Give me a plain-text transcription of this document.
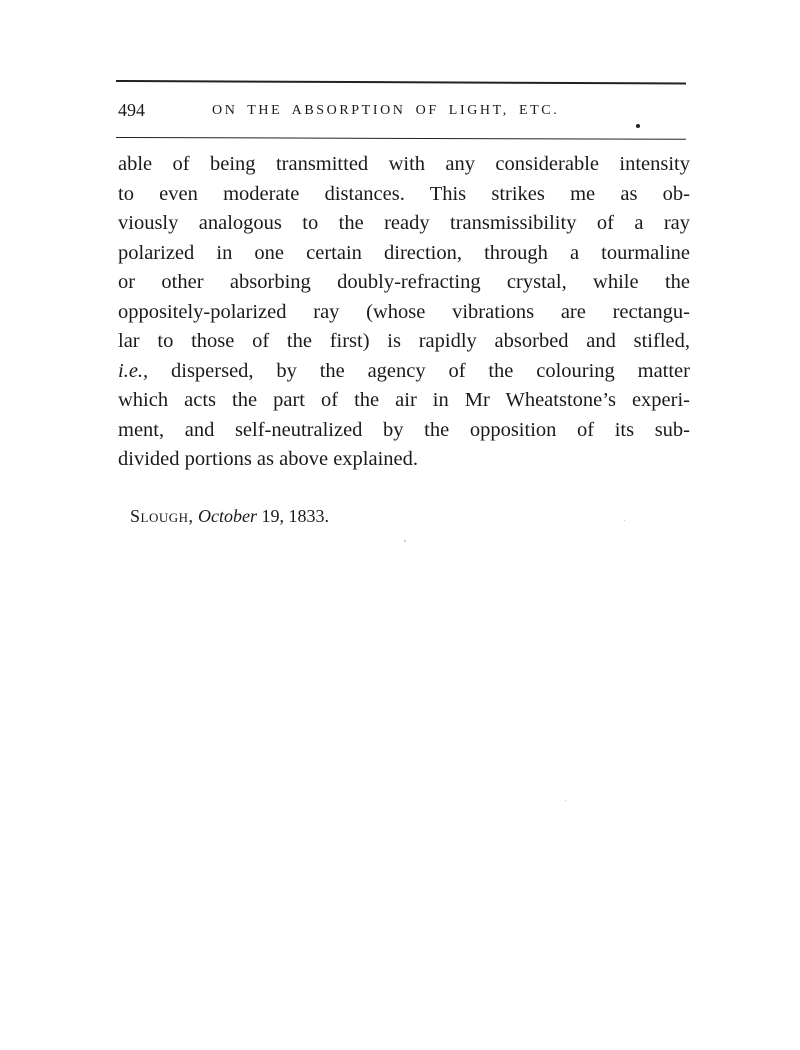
494	ON THE ABSORPTION OF LIGHT, ETC.
able of being transmitted with any considerable intensity
to even moderate distances. This strikes me as ob-
viously analogous to the ready transmissibility of a ray
polarized in one certain direction, through a tourmaline
or other absorbing doubly-refracting crystal, while the
oppositely-polarized ray (whose vibrations are rectangu-
lar to those of the first) is rapidly absorbed and stifled,
i.e., dispersed, by the agency of the colouring matter
which acts the part of the air in Mr Wheatstone’s experi-
ment, and self-neutralized by the opposition of its sub-
divided portions as above explained.
Slough, October 19, 1833.
